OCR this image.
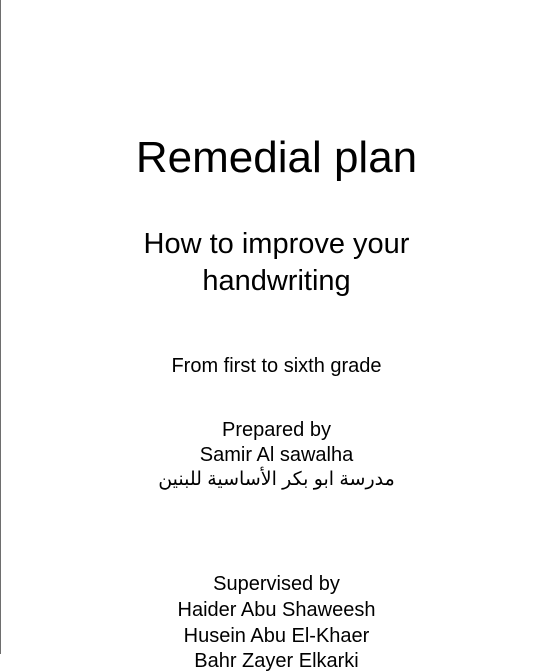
Remedial plan
How to improve your
handwriting
From first to sixth grade
Prepared by
Samir Al sawalha
مدرسة ابو بكر الأساسية للبنين
Supervised by
Haider Abu Shaweesh
Husein Abu El-Khaer
Bahr Zayer Elkarki
